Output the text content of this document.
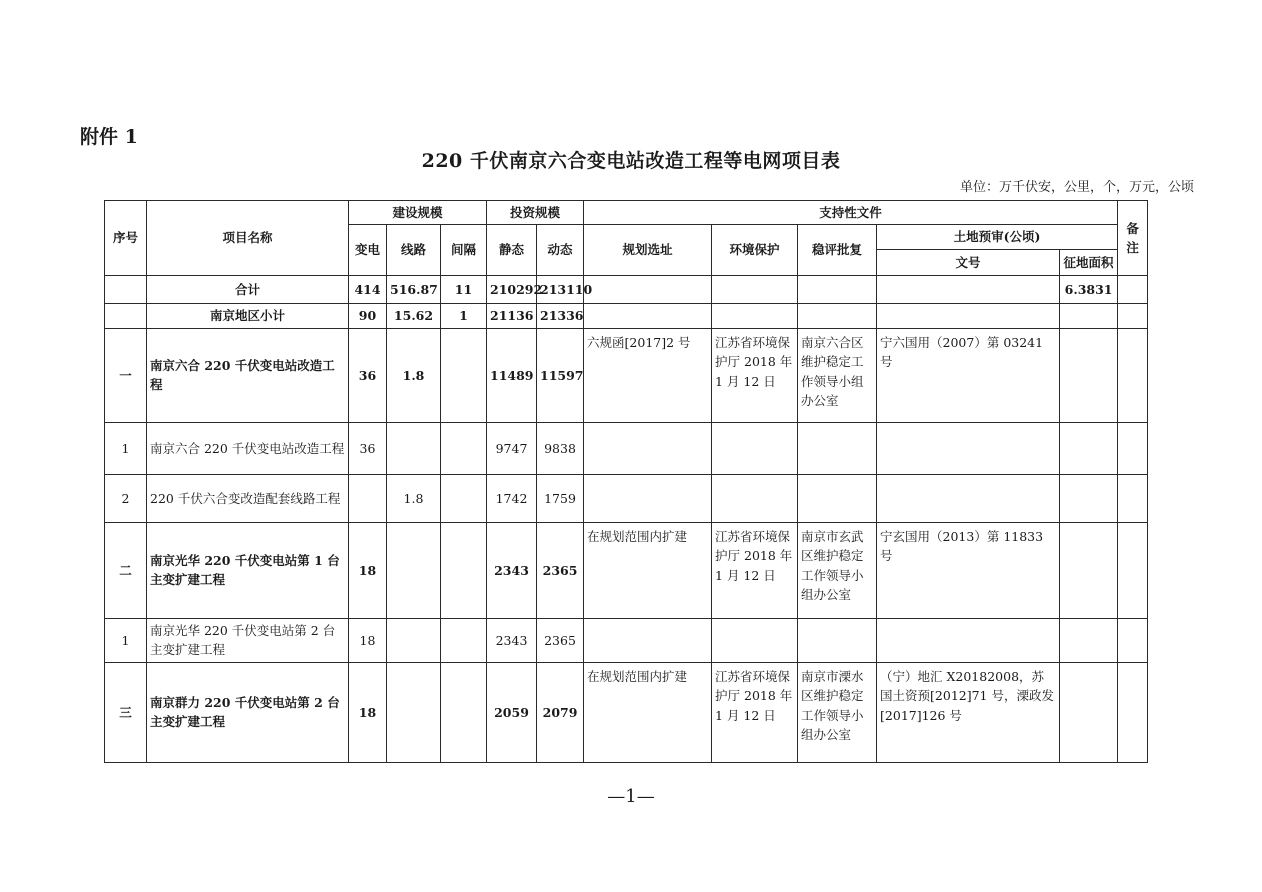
附件 1
220 千伏南京六合变电站改造工程等电网项目表
单位：万千伏安，公里，个，万元，公顷
序号	项目名称	建设规模			投资规模		支持性文件					备注
		变电	线路	间隔	静态	动态	规划选址	环境保护	稳评批复	土地预审(公顷)		
										文号	征地面积	
	合计	414	516.87	11	210292	213110					6.3831	
	南京地区小计	90	15.62	1	21136	21336						
一	南京六合 220 千伏变电站改造工程	36	1.8		11489	11597	六规函[2017]2 号	江苏省环境保护厅 2018 年 1 月 12 日	南京六合区维护稳定工作领导小组办公室	宁六国用（2007）第 03241 号		
1	南京六合 220 千伏变电站改造工程	36			9747	9838						
2	220 千伏六合变改造配套线路工程		1.8		1742	1759						
二	南京光华 220 千伏变电站第 1 台主变扩建工程	18			2343	2365	在规划范围内扩建	江苏省环境保护厅 2018 年 1 月 12 日	南京市玄武区维护稳定工作领导小组办公室	宁玄国用（2013）第 11833 号		
1	南京光华 220 千伏变电站第 2 台主变扩建工程	18			2343	2365						
三	南京群力 220 千伏变电站第 2 台主变扩建工程	18			2059	2079	在规划范围内扩建	江苏省环境保护厅 2018 年 1 月 12 日	南京市溧水区维护稳定工作领导小组办公室	（宁）地汇 X20182008，苏国土资预[2012]71 号，溧政发[2017]126 号		
—1—
